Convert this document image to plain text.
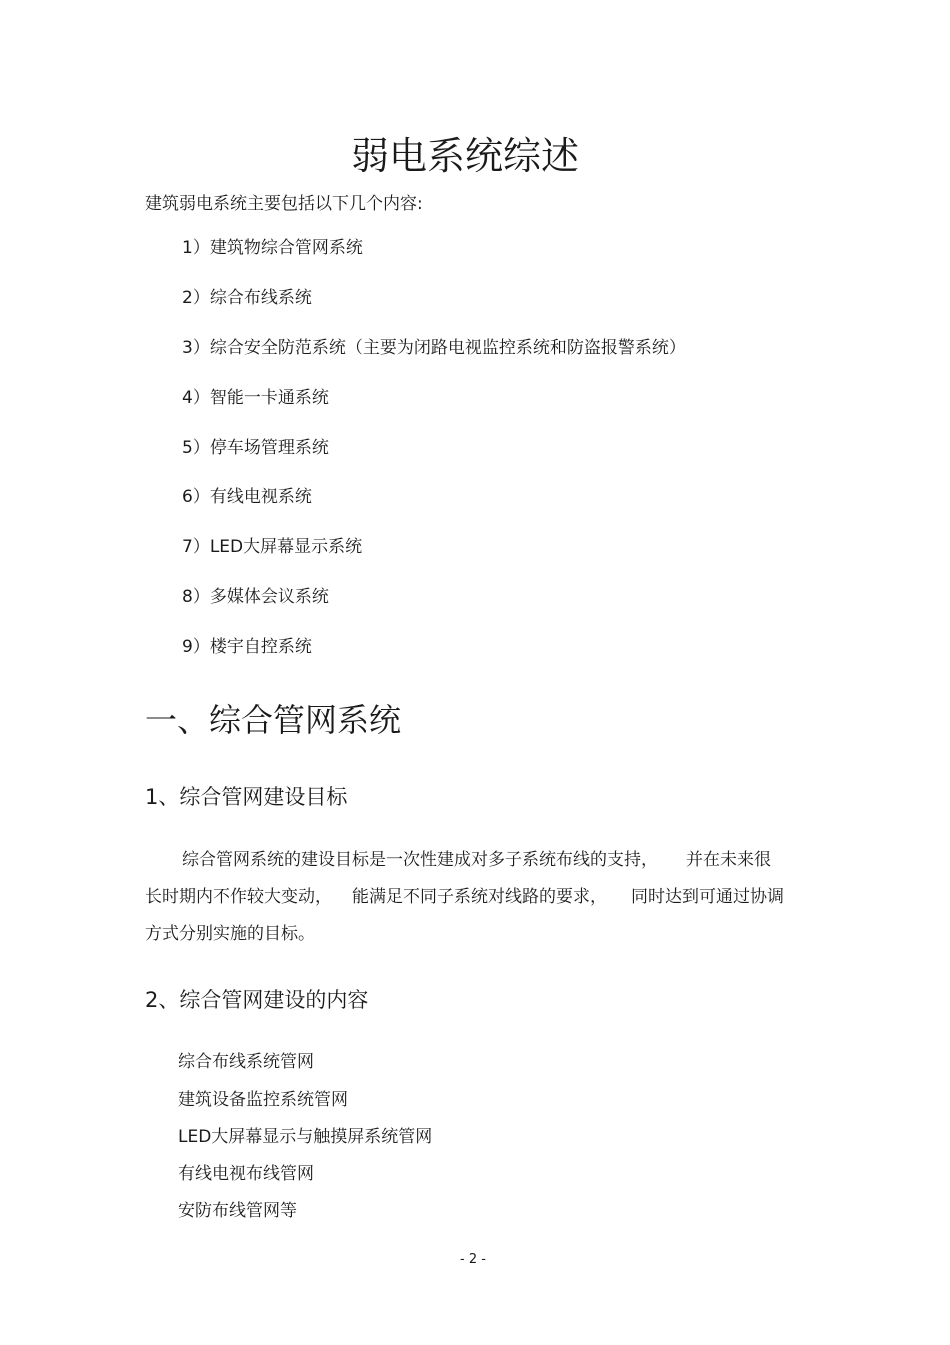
弱电系统综述
建筑弱电系统主要包括以下几个内容:
1）建筑物综合管网系统
2）综合布线系统
3）综合安全防范系统（主要为闭路电视监控系统和防盗报警系统）
4）智能一卡通系统
5）停车场管理系统
6）有线电视系统
7）LED大屏幕显示系统
8）多媒体会议系统
9）楼宇自控系统
一、综合管网系统
1、综合管网建设目标
综合管网系统的建设目标是一次性建成对多子系统布线的支持， 并在未来很
长时期内不作较大变动， 能满足不同子系统对线路的要求， 同时达到可通过协调
方式分别实施的目标。
2、综合管网建设的内容
综合布线系统管网
建筑设备监控系统管网
LED大屏幕显示与触摸屏系统管网
有线电视布线管网
安防布线管网等
- 2 -
